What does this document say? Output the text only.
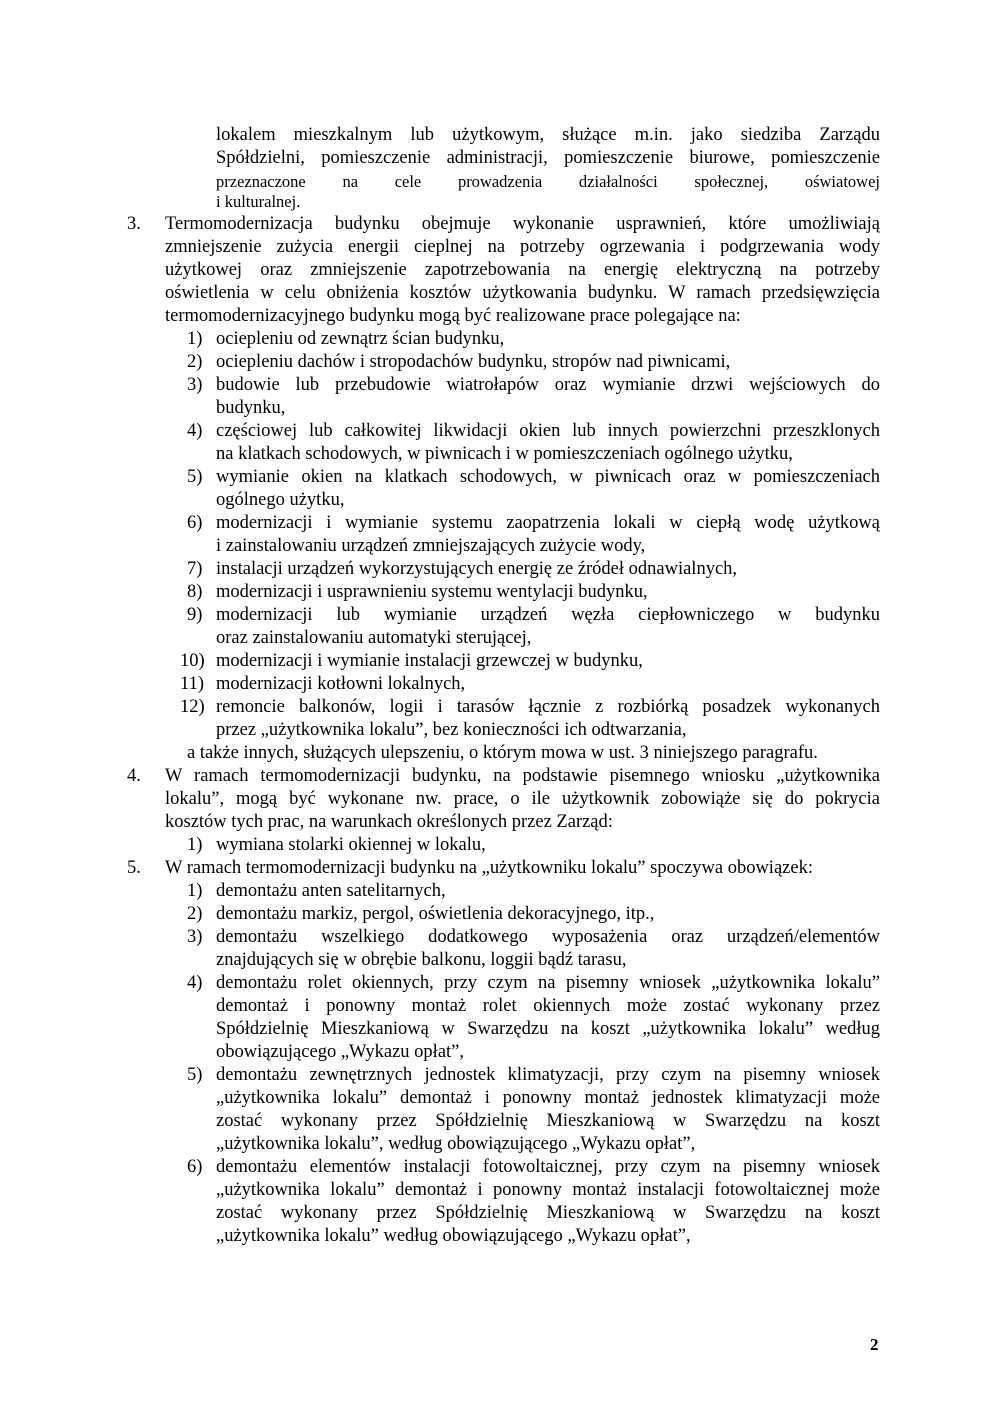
lokalem mieszkalnym lub użytkowym, służące m.in. jako siedziba Zarządu
Spółdzielni, pomieszczenie administracji, pomieszczenie biurowe, pomieszczenie
przeznaczone na cele prowadzenia działalności społecznej, oświatowej
i kulturalnej.
3. Termomodernizacja budynku obejmuje wykonanie usprawnień, które umożliwiają
zmniejszenie zużycia energii cieplnej na potrzeby ogrzewania i podgrzewania wody
użytkowej oraz zmniejszenie zapotrzebowania na energię elektryczną na potrzeby
oświetlenia w celu obniżenia kosztów użytkowania budynku. W ramach przedsięwzięcia
termomodernizacyjnego budynku mogą być realizowane prace polegające na:
1) ociepleniu od zewnątrz ścian budynku,
2) ociepleniu dachów i stropodachów budynku, stropów nad piwnicami,
3) budowie lub przebudowie wiatrołapów oraz wymianie drzwi wejściowych do
budynku,
4) częściowej lub całkowitej likwidacji okien lub innych powierzchni przeszklonych
na klatkach schodowych, w piwnicach i w pomieszczeniach ogólnego użytku,
5) wymianie okien na klatkach schodowych, w piwnicach oraz w pomieszczeniach
ogólnego użytku,
6) modernizacji i wymianie systemu zaopatrzenia lokali w ciepłą wodę użytkową
i zainstalowaniu urządzeń zmniejszających zużycie wody,
7) instalacji urządzeń wykorzystujących energię ze źródeł odnawialnych,
8) modernizacji i usprawnieniu systemu wentylacji budynku,
9) modernizacji lub wymianie urządzeń węzła ciepłowniczego w budynku
oraz zainstalowaniu automatyki sterującej,
10) modernizacji i wymianie instalacji grzewczej w budynku,
11) modernizacji kotłowni lokalnych,
12) remoncie balkonów, logii i tarasów łącznie z rozbiórką posadzek wykonanych
przez „użytkownika lokalu”, bez konieczności ich odtwarzania,
a także innych, służących ulepszeniu, o którym mowa w ust. 3 niniejszego paragrafu.
4. W ramach termomodernizacji budynku, na podstawie pisemnego wniosku „użytkownika
lokalu”, mogą być wykonane nw. prace, o ile użytkownik zobowiąże się do pokrycia
kosztów tych prac, na warunkach określonych przez Zarząd:
1) wymiana stolarki okiennej w lokalu,
5. W ramach termomodernizacji budynku na „użytkowniku lokalu” spoczywa obowiązek:
1) demontażu anten satelitarnych,
2) demontażu markiz, pergol, oświetlenia dekoracyjnego, itp.,
3) demontażu wszelkiego dodatkowego wyposażenia oraz urządzeń/elementów
znajdujących się w obrębie balkonu, loggii bądź tarasu,
4) demontażu rolet okiennych, przy czym na pisemny wniosek „użytkownika lokalu”
demontaż i ponowny montaż rolet okiennych może zostać wykonany przez
Spółdzielnię Mieszkaniową w Swarzędzu na koszt „użytkownika lokalu” według
obowiązującego „Wykazu opłat”,
5) demontażu zewnętrznych jednostek klimatyzacji, przy czym na pisemny wniosek
„użytkownika lokalu” demontaż i ponowny montaż jednostek klimatyzacji może
zostać wykonany przez Spółdzielnię Mieszkaniową w Swarzędzu na koszt
„użytkownika lokalu”, według obowiązującego „Wykazu opłat”,
6) demontażu elementów instalacji fotowoltaicznej, przy czym na pisemny wniosek
„użytkownika lokalu” demontaż i ponowny montaż instalacji fotowoltaicznej może
zostać wykonany przez Spółdzielnię Mieszkaniową w Swarzędzu na koszt
„użytkownika lokalu” według obowiązującego „Wykazu opłat”,
2
